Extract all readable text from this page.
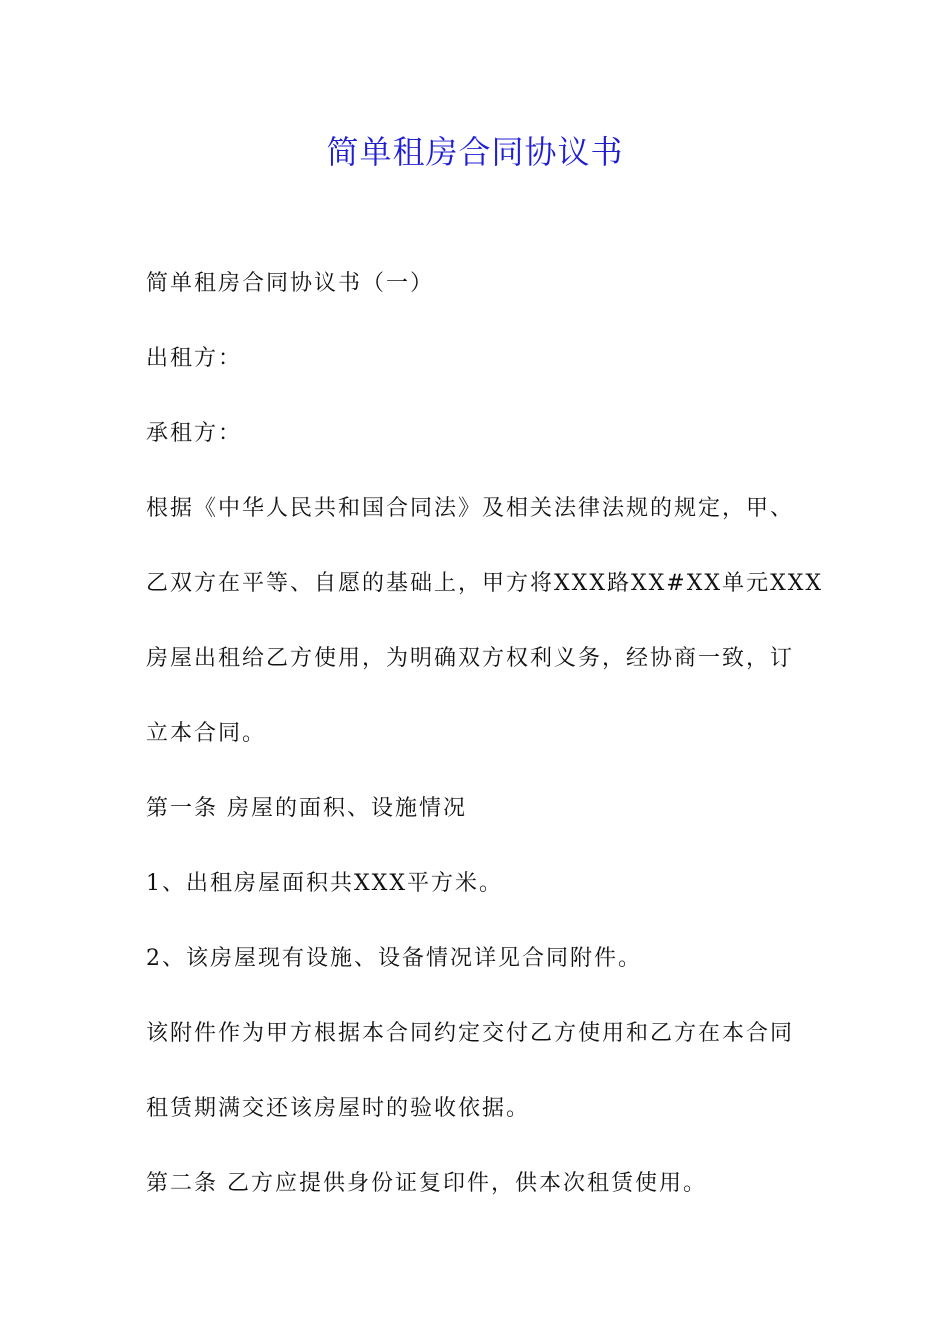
简单租房合同协议书

简单租房合同协议书（一）

出租方：

承租方：

根据《中华人民共和国合同法》及相关法律法规的规定，甲、

乙双方在平等、自愿的基础上，甲方将XXX路XX#XX单元XXX

房屋出租给乙方使用，为明确双方权利义务，经协商一致，订

立本合同。

第一条 房屋的面积、设施情况

1、出租房屋面积共XXX平方米。

2、该房屋现有设施、设备情况详见合同附件。

该附件作为甲方根据本合同约定交付乙方使用和乙方在本合同

租赁期满交还该房屋时的验收依据。

第二条 乙方应提供身份证复印件，供本次租赁使用。
